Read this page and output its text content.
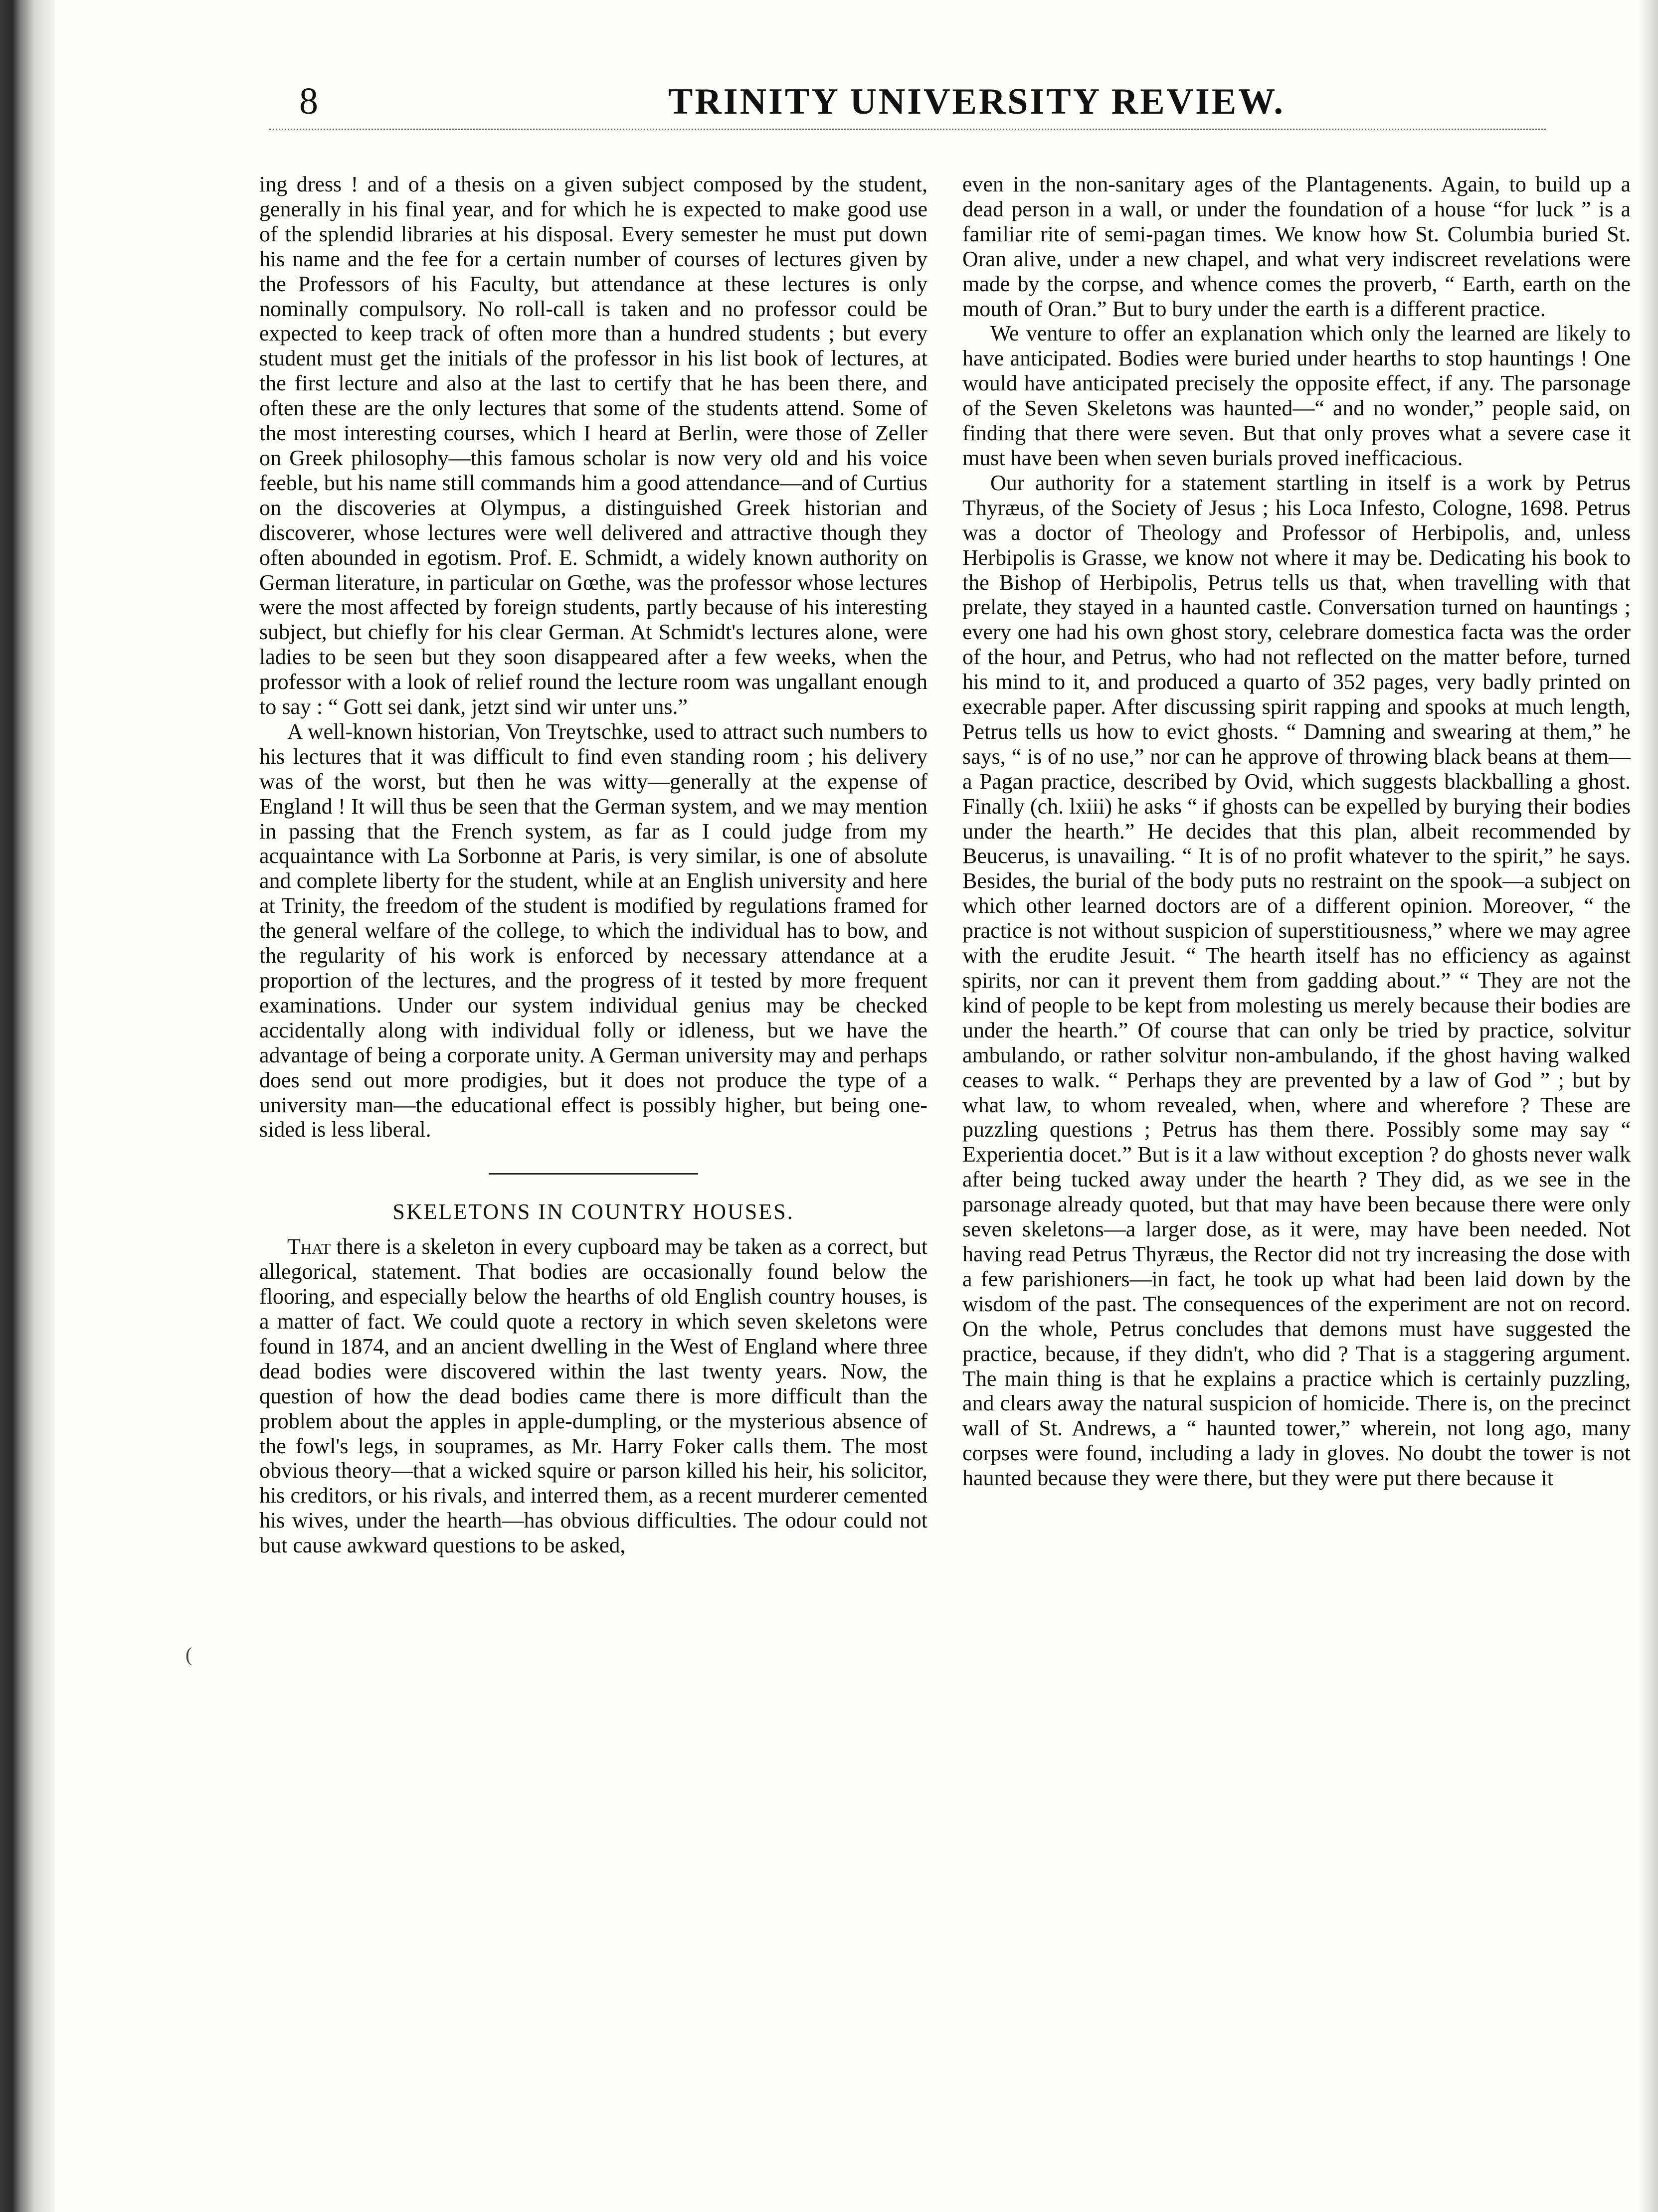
8	TRINITY UNIVERSITY REVIEW.

ing dress ! and of a thesis on a given subject composed by the student, generally in his final year, and for which he is expected to make good use of the splendid libraries at his disposal. Every semester he must put down his name and the fee for a certain number of courses of lectures given by the Professors of his Faculty, but attendance at these lectures is only nominally compulsory. No roll-call is taken and no professor could be expected to keep track of often more than a hundred students ; but every student must get the initials of the professor in his list book of lectures, at the first lecture and also at the last to certify that he has been there, and often these are the only lectures that some of the students attend. Some of the most interesting courses, which I heard at Berlin, were those of Zeller on Greek philosophy—this famous scholar is now very old and his voice feeble, but his name still commands him a good attendance—and of Curtius on the discoveries at Olympus, a distinguished Greek historian and discoverer, whose lectures were well delivered and attractive though they often abounded in egotism. Prof. E. Schmidt, a widely known authority on German literature, in particular on Gœthe, was the professor whose lectures were the most affected by foreign students, partly because of his interesting subject, but chiefly for his clear German. At Schmidt's lectures alone, were ladies to be seen but they soon disappeared after a few weeks, when the professor with a look of relief round the lecture room was ungallant enough to say : “ Gott sei dank, jetzt sind wir unter uns.”

A well-known historian, Von Treytschke, used to attract such numbers to his lectures that it was difficult to find even standing room ; his delivery was of the worst, but then he was witty—generally at the expense of England ! It will thus be seen that the German system, and we may mention in passing that the French system, as far as I could judge from my acquaintance with La Sorbonne at Paris, is very similar, is one of absolute and complete liberty for the student, while at an English university and here at Trinity, the freedom of the student is modified by regulations framed for the general welfare of the college, to which the individual has to bow, and the regularity of his work is enforced by necessary attendance at a proportion of the lectures, and the progress of it tested by more frequent examinations. Under our system individual genius may be checked accidentally along with individual folly or idleness, but we have the advantage of being a corporate unity. A German university may and perhaps does send out more prodigies, but it does not produce the type of a university man—the educational effect is possibly higher, but being one-sided is less liberal.

SKELETONS IN COUNTRY HOUSES.

That there is a skeleton in every cupboard may be taken as a correct, but allegorical, statement. That bodies are occasionally found below the flooring, and especially below the hearths of old English country houses, is a matter of fact. We could quote a rectory in which seven skeletons were found in 1874, and an ancient dwelling in the West of England where three dead bodies were discovered within the last twenty years. Now, the question of how the dead bodies came there is more difficult than the problem about the apples in apple-dumpling, or the mysterious absence of the fowl's legs, in souprames, as Mr. Harry Foker calls them. The most obvious theory—that a wicked squire or parson killed his heir, his solicitor, his creditors, or his rivals, and interred them, as a recent murderer cemented his wives, under the hearth—has obvious difficulties. The odour could not but cause awkward questions to be asked,

(

even in the non-sanitary ages of the Plantagenents. Again, to build up a dead person in a wall, or under the foundation of a house “for luck ” is a familiar rite of semi-pagan times. We know how St. Columbia buried St. Oran alive, under a new chapel, and what very indiscreet revelations were made by the corpse, and whence comes the proverb, “ Earth, earth on the mouth of Oran.” But to bury under the earth is a different practice.

We venture to offer an explanation which only the learned are likely to have anticipated. Bodies were buried under hearths to stop hauntings ! One would have anticipated precisely the opposite effect, if any. The parsonage of the Seven Skeletons was haunted—“ and no wonder,” people said, on finding that there were seven. But that only proves what a severe case it must have been when seven burials proved inefficacious.

Our authority for a statement startling in itself is a work by Petrus Thyræus, of the Society of Jesus ; his Loca Infesto, Cologne, 1698. Petrus was a doctor of Theology and Professor of Herbipolis, and, unless Herbipolis is Grasse, we know not where it may be. Dedicating his book to the Bishop of Herbipolis, Petrus tells us that, when travelling with that prelate, they stayed in a haunted castle. Conversation turned on hauntings ; every one had his own ghost story, celebrare domestica facta was the order of the hour, and Petrus, who had not reflected on the matter before, turned his mind to it, and produced a quarto of 352 pages, very badly printed on execrable paper. After discussing spirit rapping and spooks at much length, Petrus tells us how to evict ghosts. “ Damning and swearing at them,” he says, “ is of no use,” nor can he approve of throwing black beans at them—a Pagan practice, described by Ovid, which suggests blackballing a ghost. Finally (ch. lxiii) he asks “ if ghosts can be expelled by burying their bodies under the hearth.” He decides that this plan, albeit recommended by Beucerus, is unavailing. “ It is of no profit whatever to the spirit,” he says. Besides, the burial of the body puts no restraint on the spook—a subject on which other learned doctors are of a different opinion. Moreover, “ the practice is not without suspicion of superstitiousness,” where we may agree with the erudite Jesuit. “ The hearth itself has no efficiency as against spirits, nor can it prevent them from gadding about.” “ They are not the kind of people to be kept from molesting us merely because their bodies are under the hearth.” Of course that can only be tried by practice, solvitur ambulando, or rather solvitur non-ambulando, if the ghost having walked ceases to walk. “ Perhaps they are prevented by a law of God ” ; but by what law, to whom revealed, when, where and wherefore ? These are puzzling questions ; Petrus has them there. Possibly some may say “ Experientia docet.” But is it a law without exception ? do ghosts never walk after being tucked away under the hearth ? They did, as we see in the parsonage already quoted, but that may have been because there were only seven skeletons—a larger dose, as it were, may have been needed. Not having read Petrus Thyræus, the Rector did not try increasing the dose with a few parishioners—in fact, he took up what had been laid down by the wisdom of the past. The consequences of the experiment are not on record. On the whole, Petrus concludes that demons must have suggested the practice, because, if they didn't, who did ? That is a staggering argument. The main thing is that he explains a practice which is certainly puzzling, and clears away the natural suspicion of homicide. There is, on the precinct wall of St. Andrews, a “ haunted tower,” wherein, not long ago, many corpses were found, including a lady in gloves. No doubt the tower is not haunted because they were there, but they were put there because it
